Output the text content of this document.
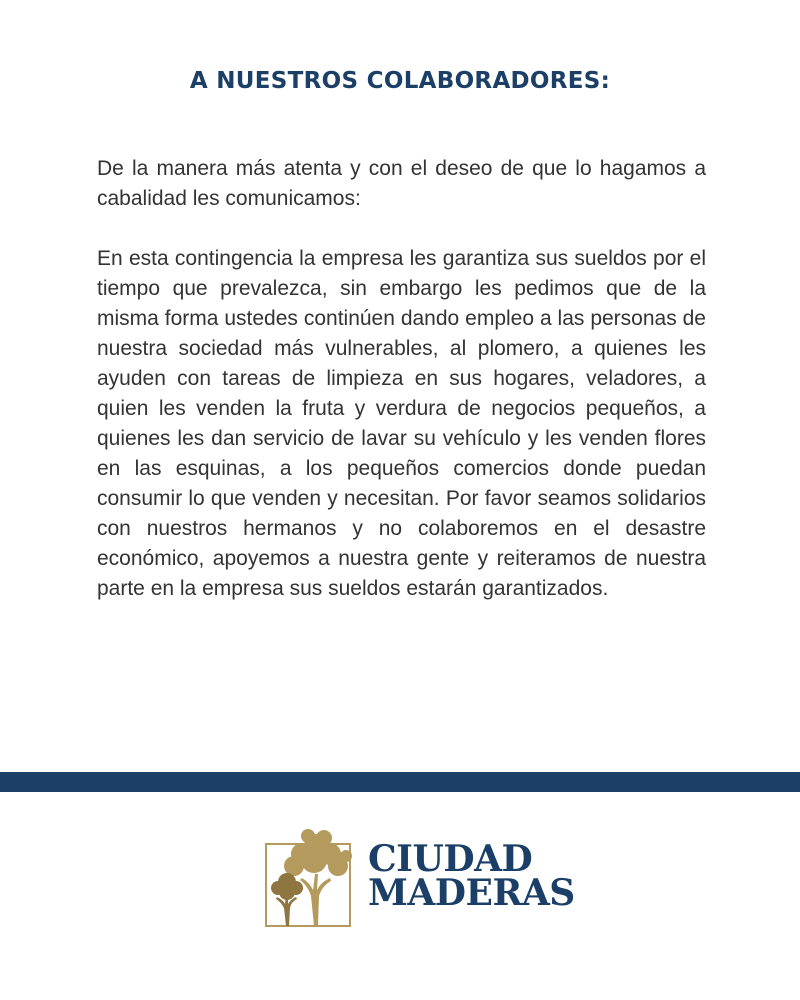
A NUESTROS COLABORADORES:

De la manera más atenta y con el deseo de que lo hagamos a cabalidad les comunicamos:

En esta contingencia la empresa les garantiza sus sueldos por el tiempo que prevalezca, sin embargo les pedimos que de la misma forma ustedes continúen dando empleo a las personas de nuestra sociedad más vulnerables, al plomero, a quienes les ayuden con tareas de limpieza en sus hogares, veladores, a quien les venden la fruta y verdura de negocios pequeños, a quienes les dan servicio de lavar su vehículo y les venden flores en las esquinas, a los pequeños comercios donde puedan consumir lo que venden y necesitan. Por favor seamos solidarios con nuestros hermanos y no colaboremos en el desastre económico, apoyemos a nuestra gente y reiteramos de nuestra parte en la empresa sus sueldos estarán garantizados.

CIUDAD
MADERAS
